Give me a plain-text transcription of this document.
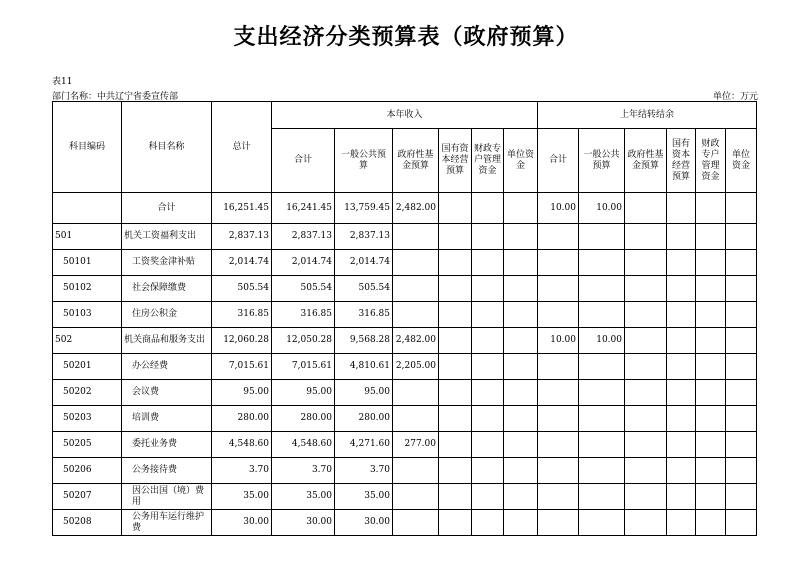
支出经济分类预算表（政府预算）
表11
部门名称：中共辽宁省委宣传部	单位：万元
科目编码	科目名称	总计	本年收入						上年结转结余					
			合计	一般公共预算	政府性基金预算	国有资本经营预算	财政专户管理资金	单位资金	合计	一般公共预算	政府性基金预算	国有资本经营预算	财政专户管理资金	单位资金
	合计	16,251.45	16,241.45	13,759.45	2,482.00				10.00	10.00				
501	机关工资福利支出	2,837.13	2,837.13	2,837.13										
50101	工资奖金津补贴	2,014.74	2,014.74	2,014.74										
50102	社会保障缴费	505.54	505.54	505.54										
50103	住房公积金	316.85	316.85	316.85										
502	机关商品和服务支出	12,060.28	12,050.28	9,568.28	2,482.00				10.00	10.00				
50201	办公经费	7,015.61	7,015.61	4,810.61	2,205.00									
50202	会议费	95.00	95.00	95.00										
50203	培训费	280.00	280.00	280.00										
50205	委托业务费	4,548.60	4,548.60	4,271.60	277.00									
50206	公务接待费	3.70	3.70	3.70										
50207	因公出国（境）费用	35.00	35.00	35.00										
50208	公务用车运行维护费	30.00	30.00	30.00										
